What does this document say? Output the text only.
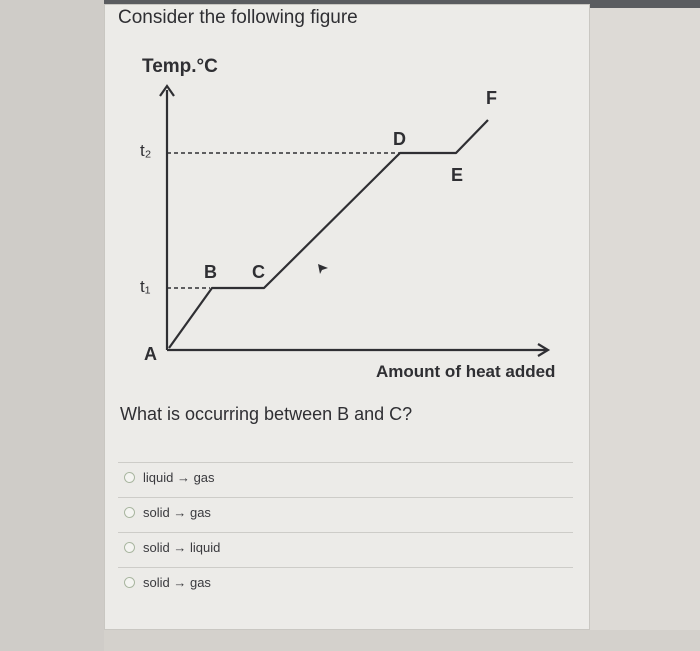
Consider the following figure
Temp.°C
t₂
t₁
A
B C
D
E
F
Amount of heat added
What is occurring between B and C?
liquid → gas
solid → gas
solid → liquid
solid → gas
